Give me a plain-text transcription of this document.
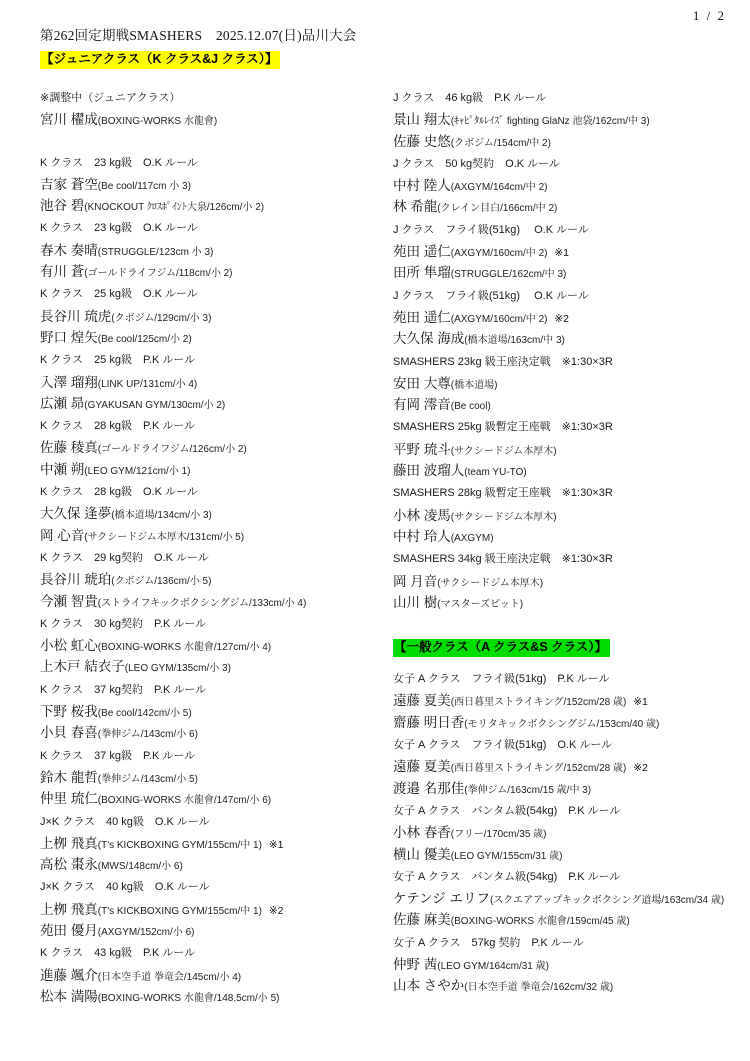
1 / 2
第262回定期戦SMASHERS　2025.12.07(日)品川大会
【ジュニアクラス（K クラス&J クラス）】
※調整中（ジュニアクラス）
宮川 櫂成(BOXING-WORKS 水龍會)
K クラス　23 kg級　O.K ルール
吉家 蒼空(Be cool/117cm 小 3)
池谷 碧(KNOCKOUT ｸﾛｽﾎﾟｲﾝﾄ大泉/126cm/小 2)
K クラス　23 kg級　O.K ルール
春木 奏晴(STRUGGLE/123cm 小 3)
有川 蒼(ゴールドライフジム/118cm/小 2)
K クラス　25 kg級　O.K ルール
長谷川 琉虎(クボジム/129cm/小 3)
野口 煌矢(Be cool/125cm/小 2)
K クラス　25 kg級　P.K ルール
入澤 瑠翔(LINK UP/131cm/小 4)
広瀬 昴(GYAKUSAN GYM/130cm/小 2)
K クラス　28 kg級　P.K ルール
佐藤 稜真(ゴールドライフジム/126cm/小 2)
中瀬 朔(LEO GYM/121cm/小 1)
K クラス　28 kg級　O.K ルール
大久保 逢夢(橋本道場/134cm/小 3)
岡 心音(サクシードジム本厚木/131cm/小 5)
K クラス　29 kg契約　O.K ルール
長谷川 琥珀(クボジム/136cm/小 5)
今瀬 智貴(ストライフキックボクシングジム/133cm/小 4)
K クラス　30 kg契約　P.K ルール
小松 虹心(BOXING-WORKS 水龍會/127cm/小 4)
上木戸 結衣子(LEO GYM/135cm/小 3)
K クラス　37 kg契約　P.K ルール
下野 桜我(Be cool/142cm/小 5)
小貝 春喜(拳伸ジム/143cm/小 6)
K クラス　37 kg級　P.K ルール
鈴木 龍哲(拳伸ジム/143cm/小 5)
仲里 琉仁(BOXING-WORKS 水龍會/147cm/小 6)
J×K クラス　40 kg級　O.K ルール
上栁 飛真(T's KICKBOXING GYM/155cm/中 1) ※1
高松 棗永(MWS/148cm/小 6)
J×K クラス　40 kg級　O.K ルール
上栁 飛真(T's KICKBOXING GYM/155cm/中 1) ※2
苑田 優月(AXGYM/152cm/小 6)
K クラス　43 kg級　P.K ルール
進藤 颯介(日本空手道 拳竜会/145cm/小 4)
松本 満陽(BOXING-WORKS 水龍會/148.5cm/小 5)
J クラス　46 kg級　P.K ルール
景山 翔太(ｷｬﾋﾟﾀﾙﾚｲｽﾞ fighting GlaNz 池袋/162cm/中 3)
佐藤 史悠(クボジム/154cm/中 2)
J クラス　50 kg契約　O.K ルール
中村 陸人(AXGYM/164cm/中 2)
林 希龍(クレイン目白/166cm/中 2)
J クラス　フライ級(51kg)　 O.K ルール
苑田 遥仁(AXGYM/160cm/中 2) ※1
田所 隼瑠(STRUGGLE/162cm/中 3)
J クラス　フライ級(51kg)　 O.K ルール
苑田 遥仁(AXGYM/160cm/中 2) ※2
大久保 海成(橋本道場/163cm/中 3)
SMASHERS 23kg 級王座決定戦　※1:30×3R
安田 大尊(橋本道場)
有岡 澪音(Be cool)
SMASHERS 25kg 級暫定王座戦　※1:30×3R
平野 琉斗(サクシードジム本厚木)
藤田 波瑠人(team YU-TO)
SMASHERS 28kg 級暫定王座戦　※1:30×3R
小林 凌馬(サクシードジム本厚木)
中村 玲人(AXGYM)
SMASHERS 34kg 級王座決定戦　※1:30×3R
岡 月音(サクシードジム本厚木)
山川 樹(マスターズピット)
【一般クラス（A クラス&S クラス）】
女子 A クラス　フライ級(51kg)　P.K ルール
遠藤 夏美(西日暮里ストライキング/152cm/28 歳) ※1
齋藤 明日香(モリタキックボクシングジム/153cm/40 歳)
女子 A クラス　フライ級(51kg)　O.K ルール
遠藤 夏美(西日暮里ストライキング/152cm/28 歳) ※2
渡邉 名那佳(拳伸ジム/163cm/15 歳/中 3)
女子 A クラス　バンタム級(54kg)　P.K ルール
小林 春香(フリー/170cm/35 歳)
横山 優美(LEO GYM/155cm/31 歳)
女子 A クラス　バンタム級(54kg)　P.K ルール
ケテンジ エリフ(スクエアアップキックボクシング道場/163cm/34 歳)
佐藤 麻美(BOXING-WORKS 水龍會/159cm/45 歳)
女子 A クラス　57kg 契約　P.K ルール
仲野 茜(LEO GYM/164cm/31 歳)
山本 さやか(日本空手道 拳竜会/162cm/32 歳)
